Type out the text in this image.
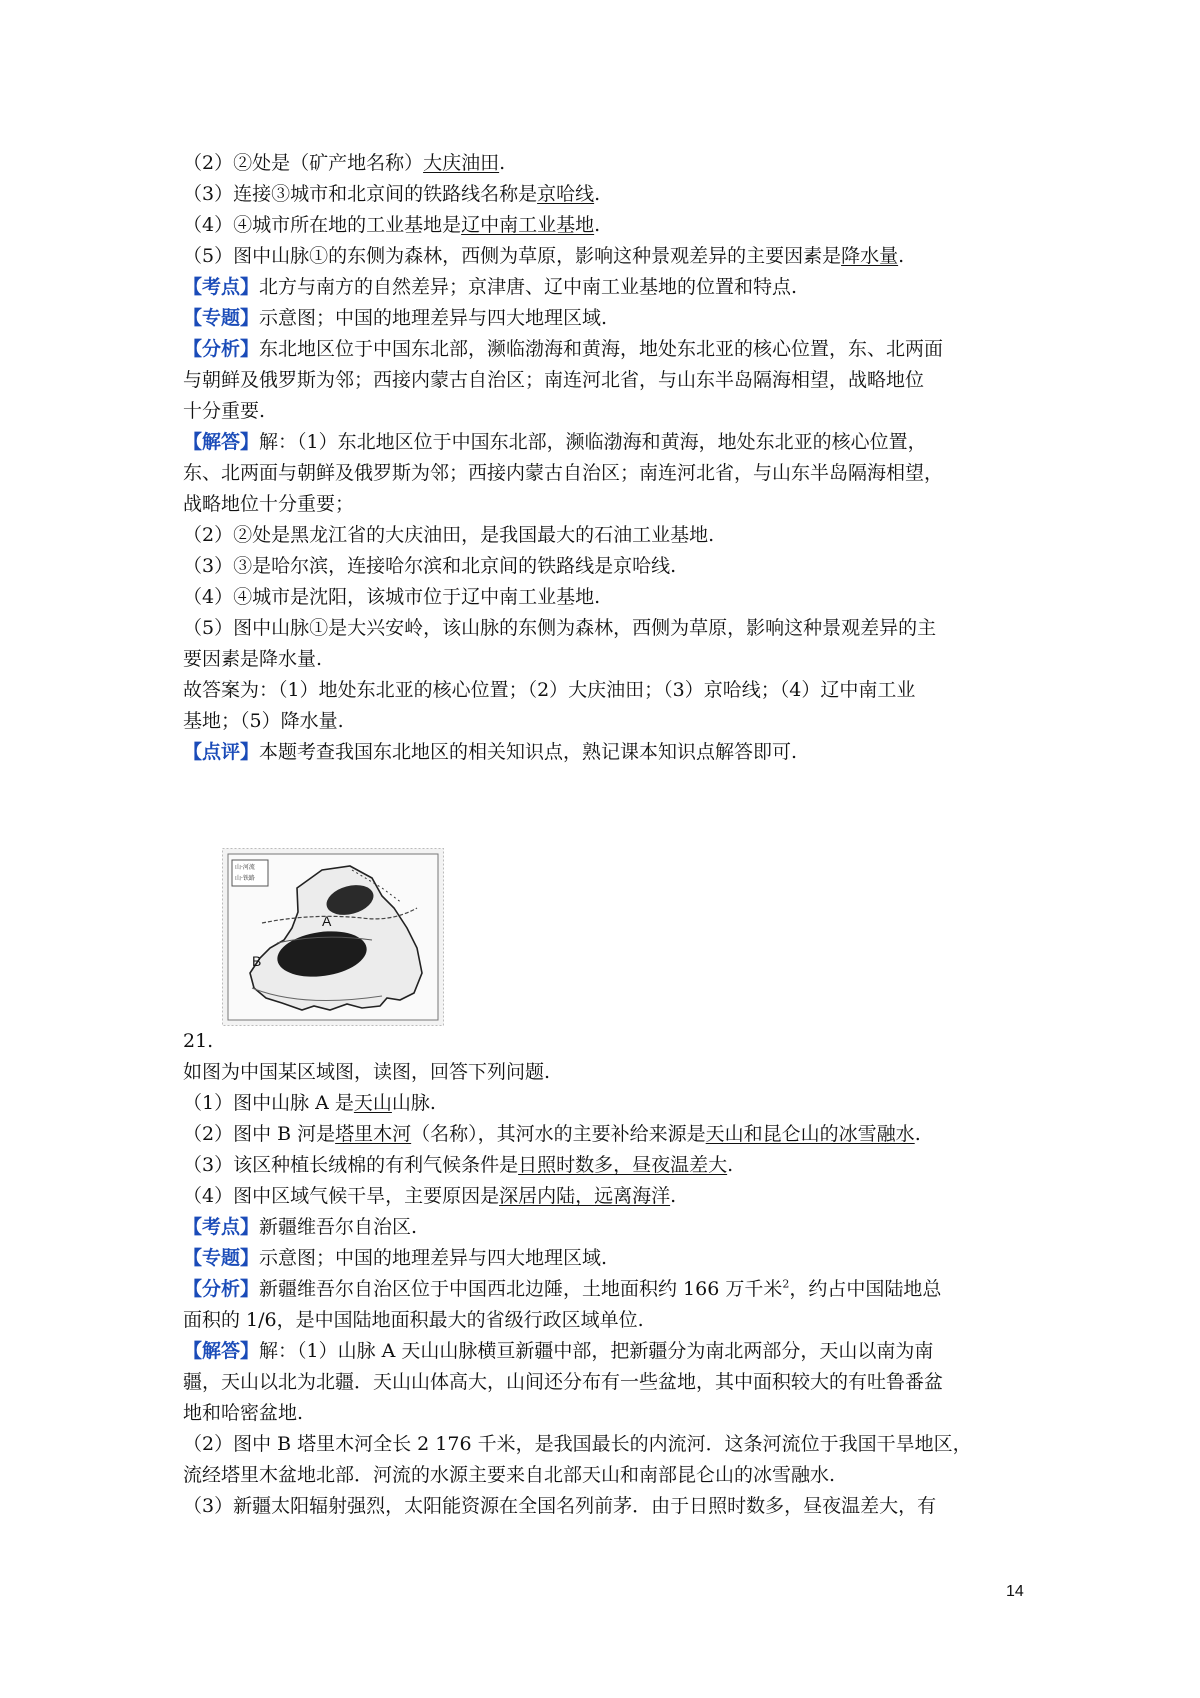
（2）②处是（矿产地名称）大庆油田.
（3）连接③城市和北京间的铁路线名称是京哈线.
（4）④城市所在地的工业基地是辽中南工业基地.
（5）图中山脉①的东侧为森林，西侧为草原，影响这种景观差异的主要因素是降水量.
【考点】北方与南方的自然差异；京津唐、辽中南工业基地的位置和特点.
【专题】示意图；中国的地理差异与四大地理区域.
【分析】东北地区位于中国东北部，濒临渤海和黄海，地处东北亚的核心位置，东、北两面
与朝鲜及俄罗斯为邻；西接内蒙古自治区；南连河北省，与山东半岛隔海相望，战略地位
十分重要.
【解答】解：（1）东北地区位于中国东北部，濒临渤海和黄海，地处东北亚的核心位置，
东、北两面与朝鲜及俄罗斯为邻；西接内蒙古自治区；南连河北省，与山东半岛隔海相望，
战略地位十分重要；
（2）②处是黑龙江省的大庆油田，是我国最大的石油工业基地.
（3）③是哈尔滨，连接哈尔滨和北京间的铁路线是京哈线.
（4）④城市是沈阳，该城市位于辽中南工业基地.
（5）图中山脉①是大兴安岭，该山脉的东侧为森林，西侧为草原，影响这种景观差异的主
要因素是降水量.
故答案为：（1）地处东北亚的核心位置；（2）大庆油田；（3）京哈线；（4）辽中南工业
基地；（5）降水量.
【点评】本题考查我国东北地区的相关知识点，熟记课本知识点解答即可.
山·河流
山·铁路
A
B
21.
如图为中国某区域图，读图，回答下列问题.
（1）图中山脉 A 是天山山脉.
（2）图中 B 河是塔里木河（名称），其河水的主要补给来源是天山和昆仑山的冰雪融水.
（3）该区种植长绒棉的有利气候条件是日照时数多，昼夜温差大.
（4）图中区域气候干旱，主要原因是深居内陆，远离海洋.
【考点】新疆维吾尔自治区.
【专题】示意图；中国的地理差异与四大地理区域.
【分析】新疆维吾尔自治区位于中国西北边陲，土地面积约 166 万千米$^2$，约占中国陆地总
面积的 1/6，是中国陆地面积最大的省级行政区域单位.
【解答】解：（1）山脉 A 天山山脉横亘新疆中部，把新疆分为南北两部分，天山以南为南
疆，天山以北为北疆．天山山体高大，山间还分布有一些盆地，其中面积较大的有吐鲁番盆
地和哈密盆地.
（2）图中 B 塔里木河全长 2 176 千米，是我国最长的内流河．这条河流位于我国干旱地区，
流经塔里木盆地北部．河流的水源主要来自北部天山和南部昆仑山的冰雪融水.
（3）新疆太阳辐射强烈，太阳能资源在全国名列前茅．由于日照时数多，昼夜温差大，有
14
